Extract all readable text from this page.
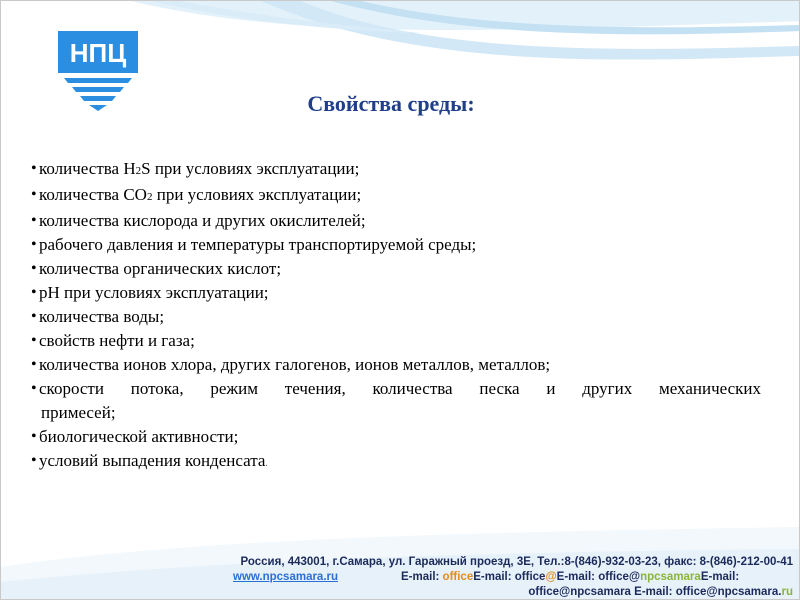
НПЦ
Свойства среды:
• количества H2S при условиях эксплуатации;
• количества СО2 при условиях эксплуатации;
• количества кислорода и других окислителей;
• рабочего давления и температуры транспортируемой среды;
• количества органических кислот;
• рН при условиях эксплуатации;
• количества воды;
• свойств нефти и газа;
• количества ионов хлора, других галогенов, ионов металлов, металлов;
• скорости потока, режим течения, количества песка и других механических
примесей;
• биологической активности;
• условий выпадения конденсата.
Россия, 443001, г.Самара, ул. Гаражный проезд, 3Е, Тел.:8-(846)-932-03-23, факс: 8-(846)-212-00-41
www.npcsamara.ru	E-mail: officeE-mail: office@E-mail: office@npcsamaraE-mail:
office@npcsamara E-mail: office@npcsamara.ru
